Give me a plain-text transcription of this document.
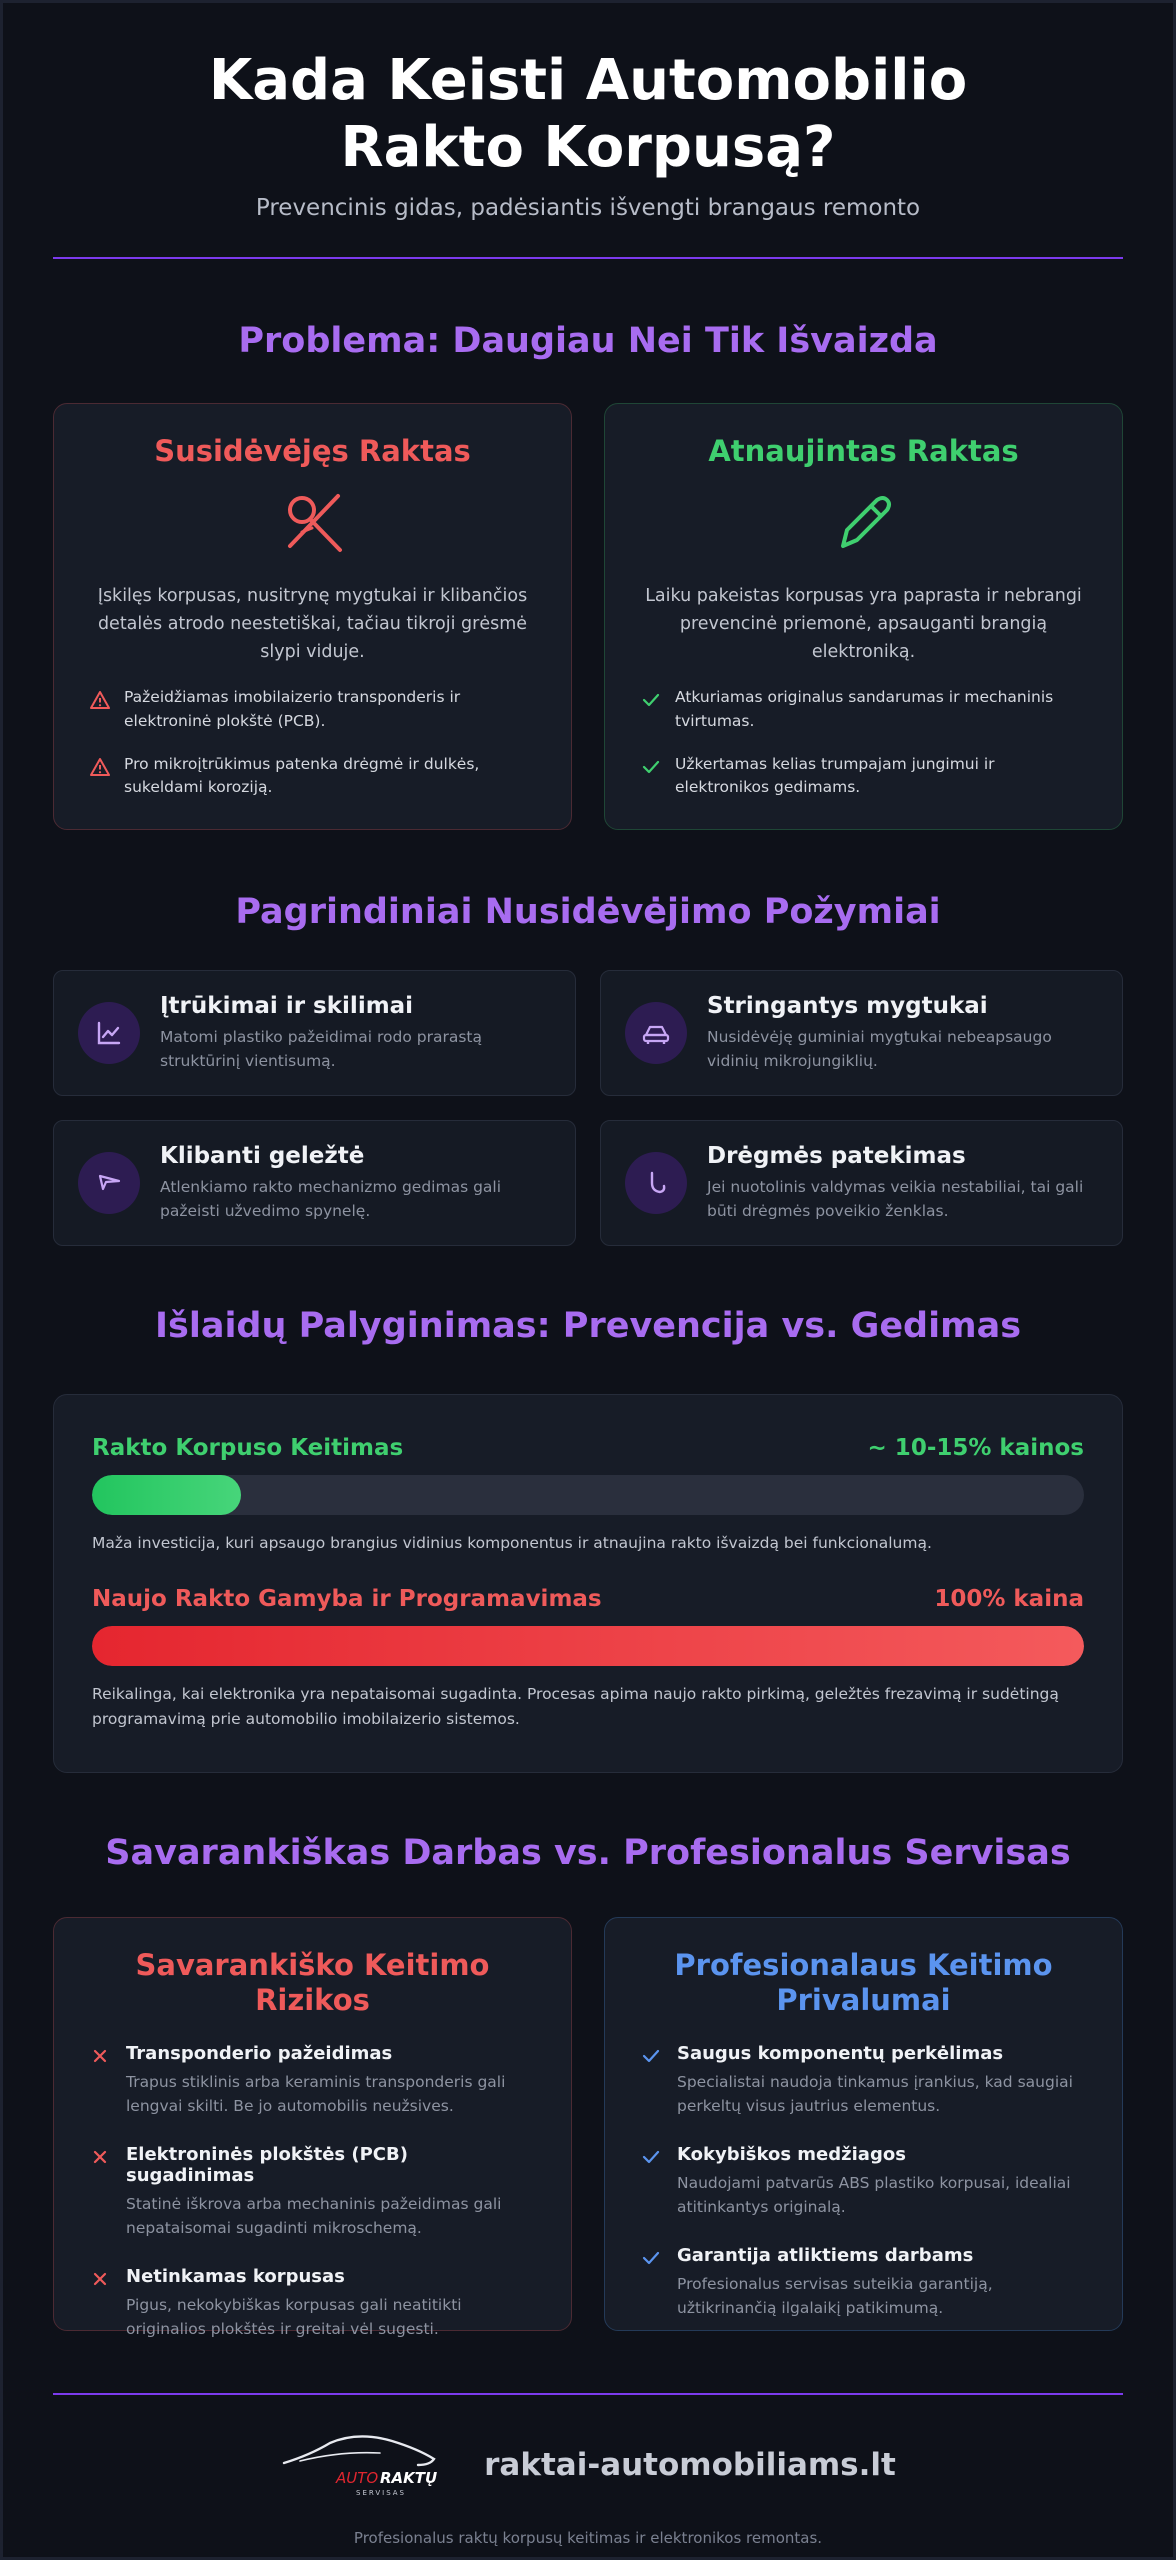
Kada Keisti Automobilio Rakto Korpusą?

Prevencinis gidas, padėsiantis išvengti brangaus remonto

Problema: Daugiau Nei Tik Išvaizda
Susidėvėjęs Raktas

Įskilęs korpusas, nusitrynę mygtukai ir klibančios detalės atrodo neestetiškai, tačiau tikroji grėsmė slypi viduje.

Pažeidžiamas imobilaizerio transponderis ir elektroninė plokštė (PCB).
Pro mikroįtrūkimus patenka drėgmė ir dulkės, sukeldami koroziją.
Atnaujintas Raktas

Laiku pakeistas korpusas yra paprasta ir nebrangi prevencinė priemonė, apsauganti brangią elektroniką.

Atkuriamas originalus sandarumas ir mechaninis tvirtumas.
Užkertamas kelias trumpajam jungimui ir elektronikos gedimams.
Pagrindiniai Nusidėvėjimo Požymiai
Įtrūkimai ir skilimai
Matomi plastiko pažeidimai rodo prarastą struktūrinį vientisumą.
Stringantys mygtukai
Nusidėvėję guminiai mygtukai nebeapsaugo vidinių mikrojungiklių.
Klibanti geležtė
Atlenkiamo rakto mechanizmo gedimas gali pažeisti užvedimo spynelę.
Drėgmės patekimas
Jei nuotolinis valdymas veikia nestabiliai, tai gali būti drėgmės poveikio ženklas.
Išlaidų Palyginimas: Prevencija vs. Gedimas
Rakto Korpuso Keitimas	~ 10-15% kainos

Maža investicija, kuri apsaugo brangius vidinius komponentus ir atnaujina rakto išvaizdą bei funkcionalumą.

Naujo Rakto Gamyba ir Programavimas	100% kaina

Reikalinga, kai elektronika yra nepataisomai sugadinta. Procesas apima naujo rakto pirkimą, geležtės frezavimą ir sudėtingą programavimą prie automobilio imobilaizerio sistemos.

Savarankiškas Darbas vs. Profesionalus Servisas
Savarankiško Keitimo Rizikos
Transponderio pažeidimas
Trapus stiklinis arba keraminis transponderis gali lengvai skilti. Be jo automobilis neužsives.
Elektroninės plokštės (PCB) sugadinimas
Statinė iškrova arba mechaninis pažeidimas gali nepataisomai sugadinti mikroschemą.
Netinkamas korpusas
Pigus, nekokybiškas korpusas gali neatitikti originalios plokštės ir greitai vėl sugesti.
Profesionalaus Keitimo Privalumai
Saugus komponentų perkėlimas
Specialistai naudoja tinkamus įrankius, kad saugiai perkeltų visus jautrius elementus.
Kokybiškos medžiagos
Naudojami patvarūs ABS plastiko korpusai, idealiai atitinkantys originalą.
Garantija atliktiems darbams
Profesionalus servisas suteikia garantiją, užtikrinančią ilgalaikį patikimumą.
AUTO RAKTŲ
SERVISAS
raktai-automobiliams.lt

Profesionalus raktų korpusų keitimas ir elektronikos remontas.
